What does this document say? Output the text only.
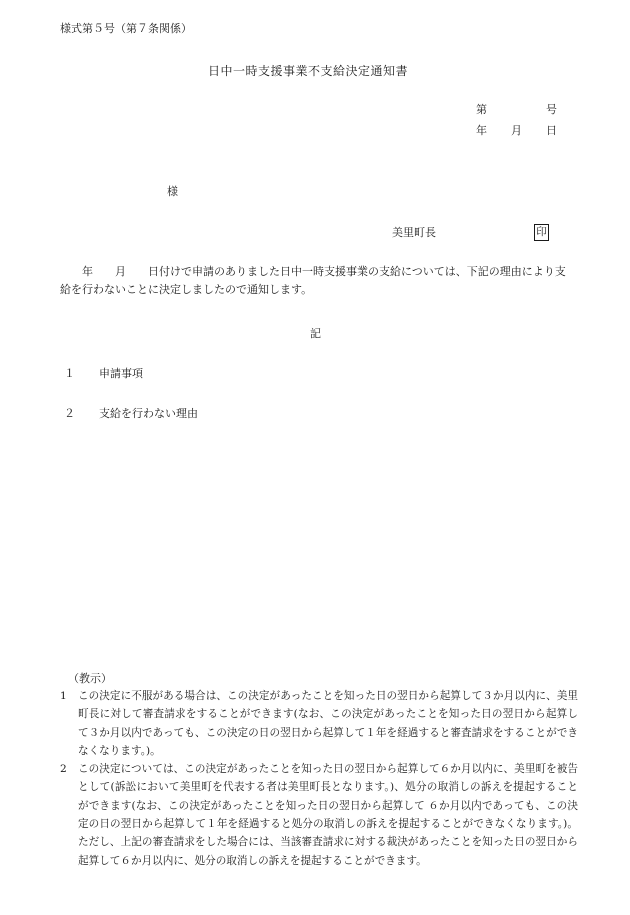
様式第５号（第７条関係）
日中一時支援事業不支給決定通知書
第	号
年 月 日
様
美里町長	印
　　年　　月　　日付けで申請のありました日中一時支援事業の支給については、下記の理由により支給を行わないことに決定しましたので通知します。
記
１ 申請事項
２ 支給を行わない理由
（教示）
1	この決定に不服がある場合は、この決定があったことを知った日の翌日から起算して３か月以内に、美里町長に対して審査請求をすることができます(なお、この決定があったことを知った日の翌日から起算して３か月以内であっても、この決定の日の翌日から起算して１年を経過すると審査請求をすることができなくなります。)。
2	この決定については、この決定があったことを知った日の翌日から起算して６か月以内に、美里町を被告として(訴訟において美里町を代表する者は美里町長となります。)、処分の取消しの訴えを提起することができます(なお、この決定があったことを知った日の翌日から起算して ６か月以内であっても、この決定の日の翌日から起算して１年を経過すると処分の取消しの訴えを提起することができなくなります。)。ただし、上記の審査請求をした場合には、当該審査請求に対する裁決があったことを知った日の翌日から起算して６か月以内に、処分の取消しの訴えを提起することができます。
